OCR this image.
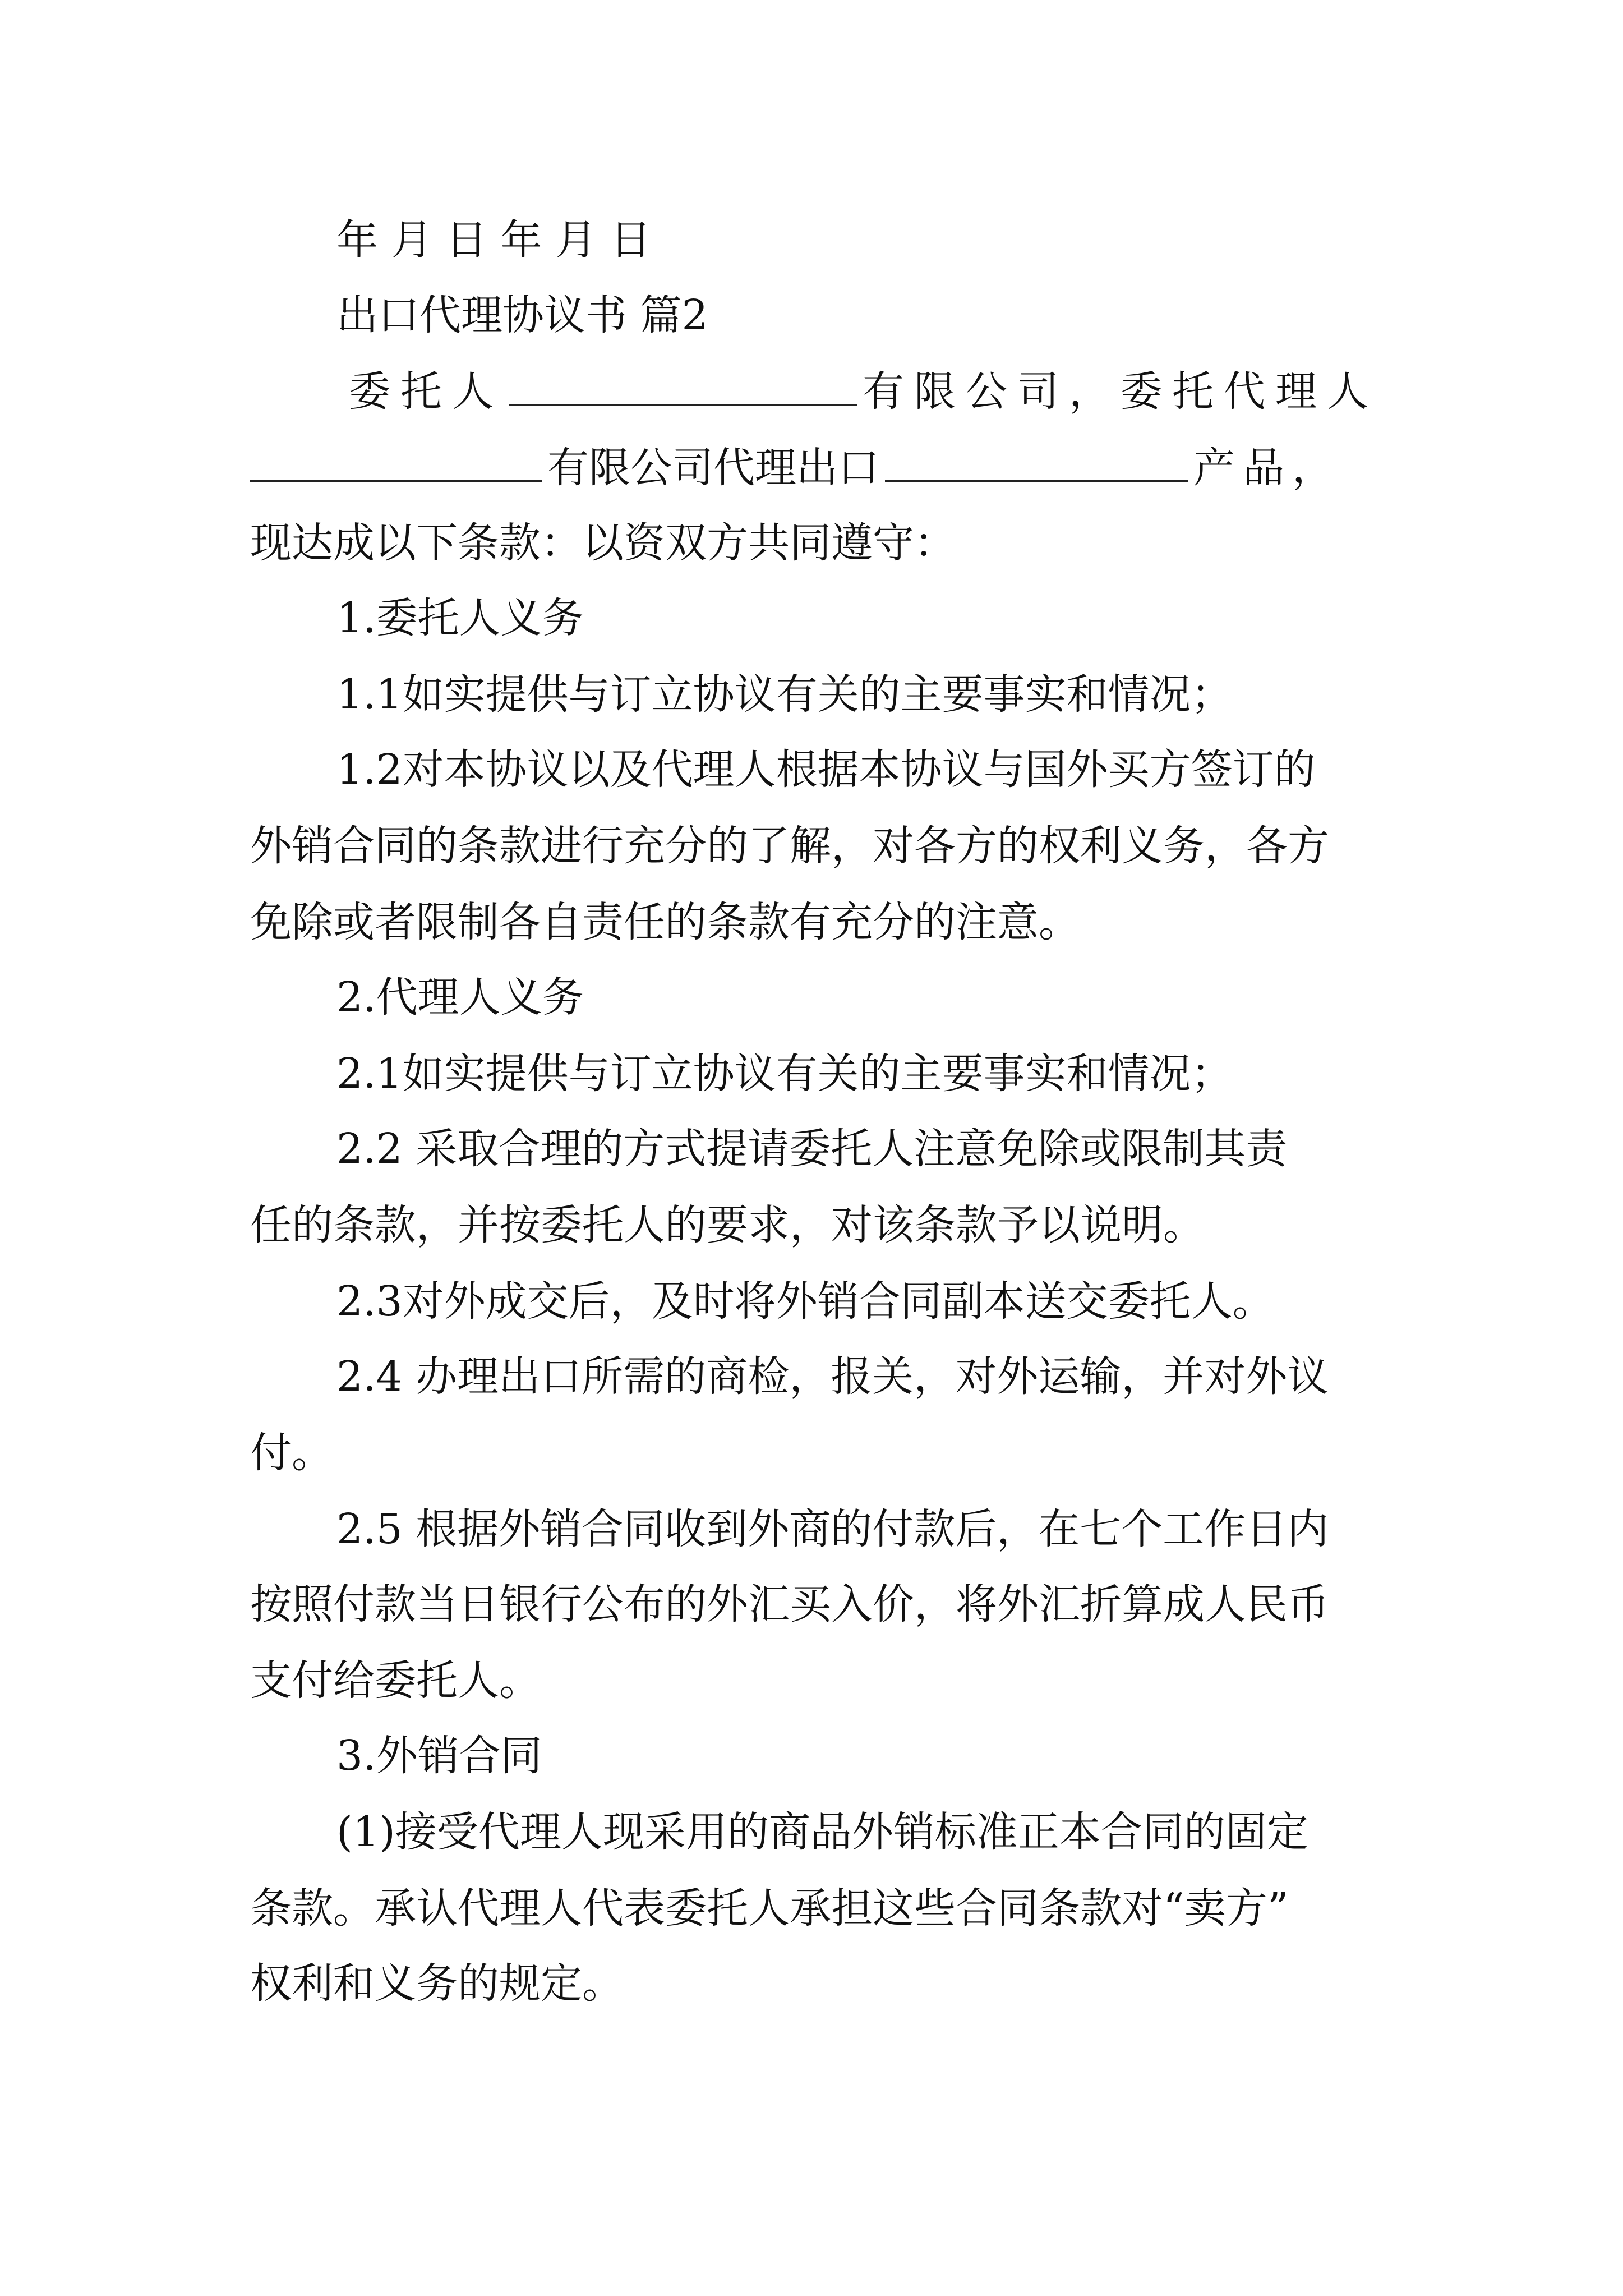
年 月 日 年 月 日
出口代理协议书 篇2
委托人	有限公司，委托代理人
有限公司代理出口	产品，
现达成以下条款：以资双方共同遵守：
1.委托人义务
1.1如实提供与订立协议有关的主要事实和情况；
1.2对本协议以及代理人根据本协议与国外买方签订的
外销合同的条款进行充分的了解，对各方的权利义务，各方
免除或者限制各自责任的条款有充分的注意。
2.代理人义务
2.1如实提供与订立协议有关的主要事实和情况；
2.2 采取合理的方式提请委托人注意免除或限制其责
任的条款，并按委托人的要求，对该条款予以说明。
2.3对外成交后，及时将外销合同副本送交委托人。
2.4 办理出口所需的商检，报关，对外运输，并对外议
付。
2.5 根据外销合同收到外商的付款后，在七个工作日内
按照付款当日银行公布的外汇买入价，将外汇折算成人民币
支付给委托人。
3.外销合同
(1)接受代理人现采用的商品外销标准正本合同的固定
条款。承认代理人代表委托人承担这些合同条款对“卖方”
权利和义务的规定。
